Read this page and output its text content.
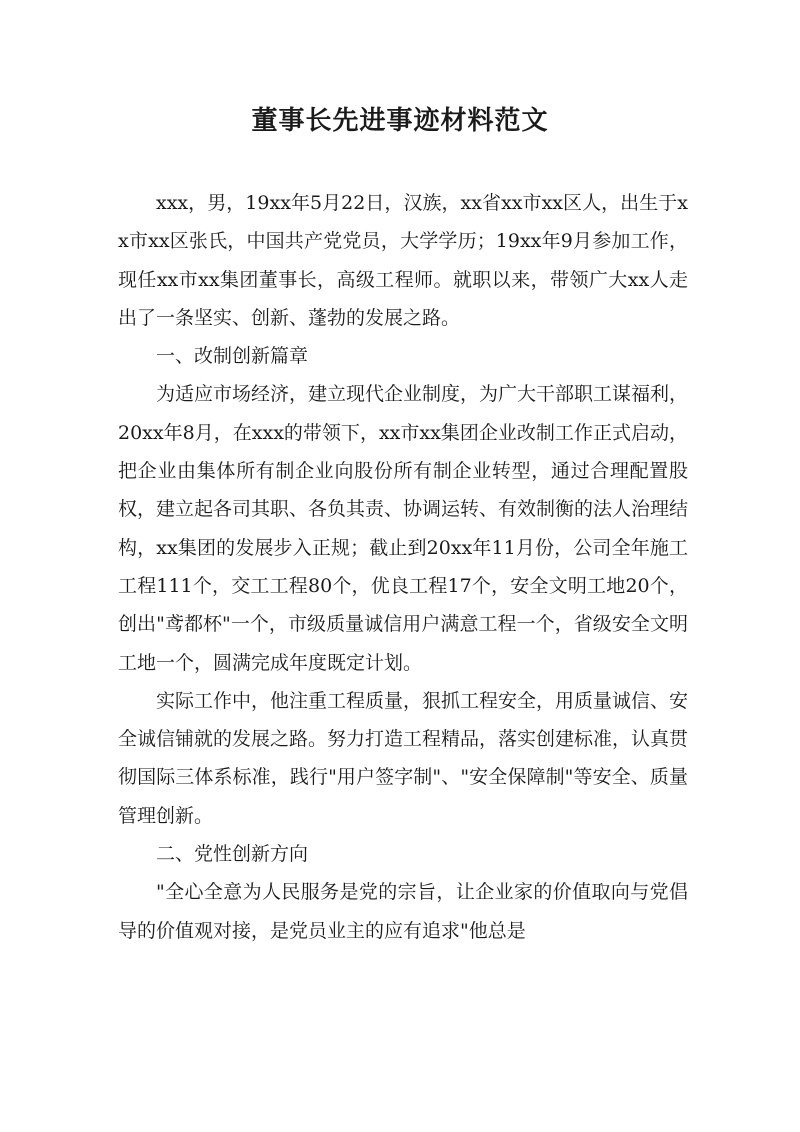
董事长先进事迹材料范文

xxx，男，19xx年5月22日，汉族，xx省xx市xx区人，出生于xx市xx区张氏，中国共产党党员，大学学历；19xx年9月参加工作，现任xx市xx集团董事长，高级工程师。就职以来，带领广大xx人走出了一条坚实、创新、蓬勃的发展之路。

一、改制创新篇章

为适应市场经济，建立现代企业制度，为广大干部职工谋福利，20xx年8月，在xxx的带领下，xx市xx集团企业改制工作正式启动，把企业由集体所有制企业向股份所有制企业转型，通过合理配置股权，建立起各司其职、各负其责、协调运转、有效制衡的法人治理结构，xx集团的发展步入正规；截止到20xx年11月份，公司全年施工工程111个，交工工程80个，优良工程17个，安全文明工地20个，创出"鸢都杯"一个，市级质量诚信用户满意工程一个，省级安全文明工地一个，圆满完成年度既定计划。

实际工作中，他注重工程质量，狠抓工程安全，用质量诚信、安全诚信铺就的发展之路。努力打造工程精品，落实创建标准，认真贯彻国际三体系标准，践行"用户签字制"、"安全保障制"等安全、质量管理创新。

二、党性创新方向

"全心全意为人民服务是党的宗旨，让企业家的价值取向与党倡导的价值观对接，是党员业主的应有追求"他总是
